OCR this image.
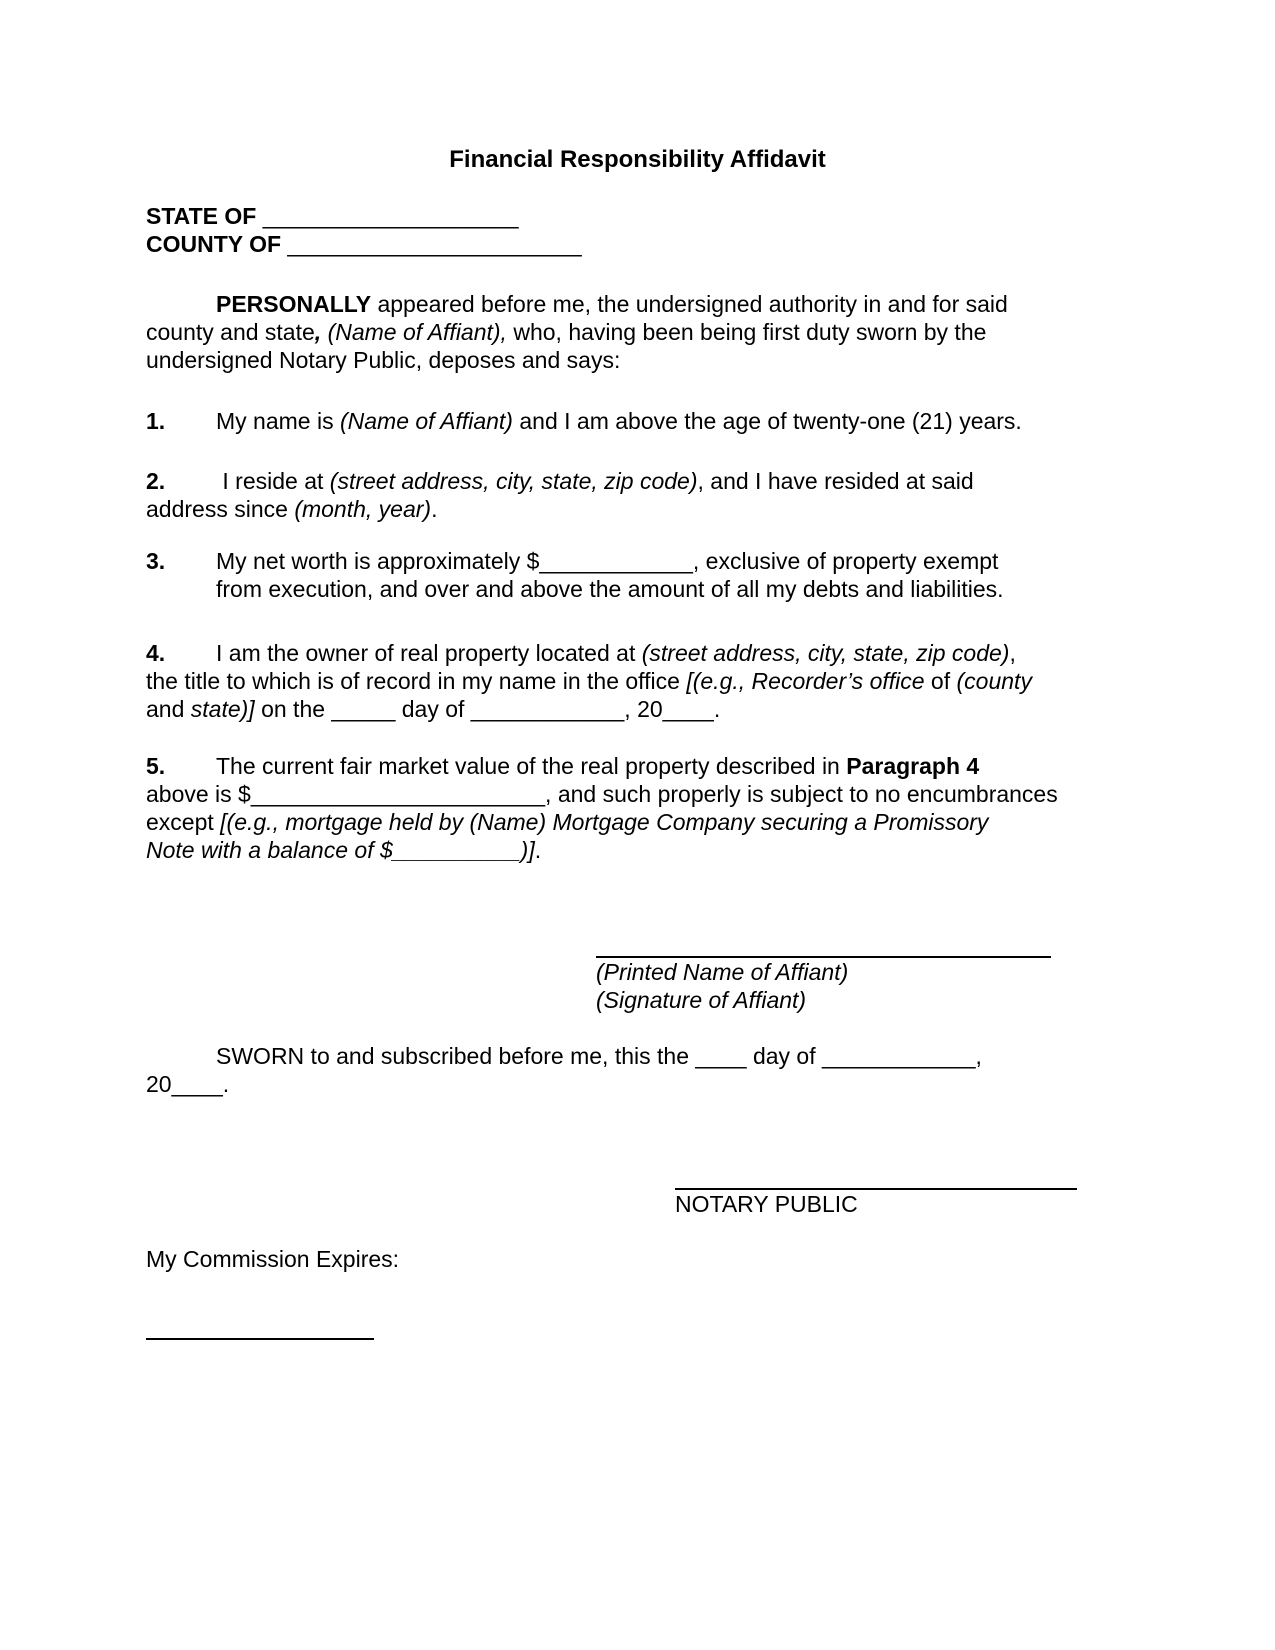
Financial Responsibility Affidavit
STATE OF ____________________
COUNTY OF _______________________
PERSONALLY appeared before me, the undersigned authority in and for said
county and state, (Name of Affiant), who, having been being first duty sworn by the
undersigned Notary Public, deposes and says:
1. My name is (Name of Affiant) and I am above the age of twenty-one (21) years.
2. I reside at (street address, city, state, zip code), and I have resided at said
address since (month, year).
3. My net worth is approximately $____________, exclusive of property exempt
from execution, and over and above the amount of all my debts and liabilities.
4. I am the owner of real property located at (street address, city, state, zip code),
the title to which is of record in my name in the office [(e.g., Recorder’s office of (county
and state)] on the _____ day of ____________, 20____.
5. The current fair market value of the real property described in Paragraph 4
above is $_______________________, and such properly is subject to no encumbrances
except [(e.g., mortgage held by (Name) Mortgage Company securing a Promissory
Note with a balance of $__________)].
(Printed Name of Affiant)
(Signature of Affiant)
SWORN to and subscribed before me, this the ____ day of ____________,
20____.
NOTARY PUBLIC
My Commission Expires:
